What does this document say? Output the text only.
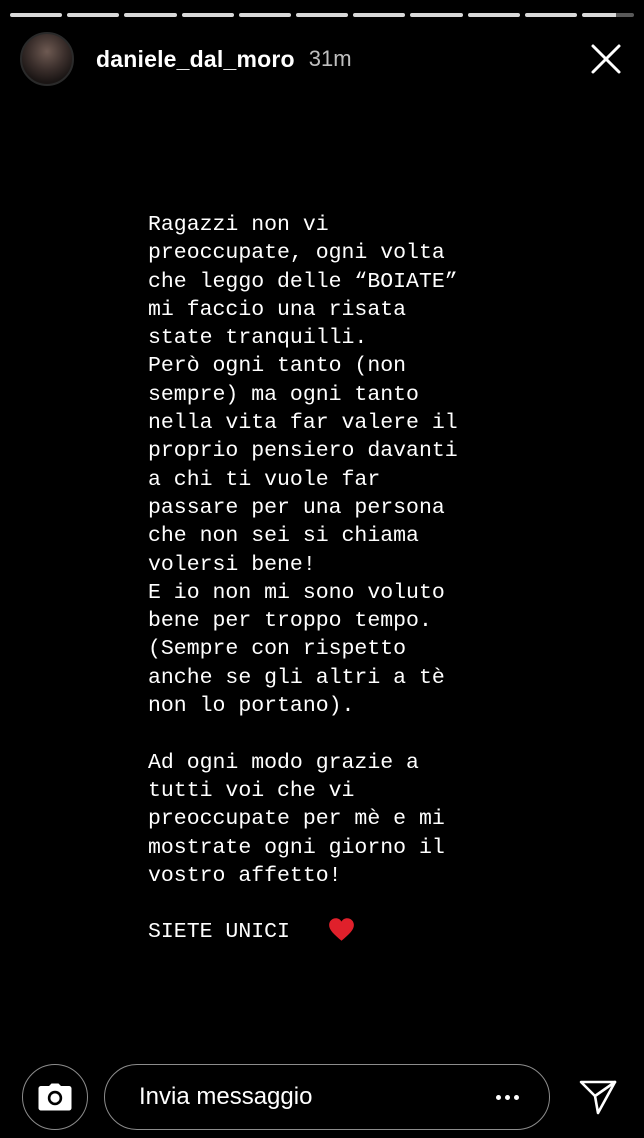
daniele_dal_moro 31m
Ragazzi non vi
preoccupate, ogni volta
che leggo delle “BOIATE”
mi faccio una risata
state tranquilli.
Però ogni tanto (non
sempre) ma ogni tanto
nella vita far valere il
proprio pensiero davanti
a chi ti vuole far
passare per una persona
che non sei si chiama
volersi bene!
E io non mi sono voluto
bene per troppo tempo.
(Sempre con rispetto
anche se gli altri a tè
non lo portano).

Ad ogni modo grazie a
tutti voi che vi
preoccupate per mè e mi
mostrate ogni giorno il
vostro affetto!

SIETE UNICI
Invia messaggio
